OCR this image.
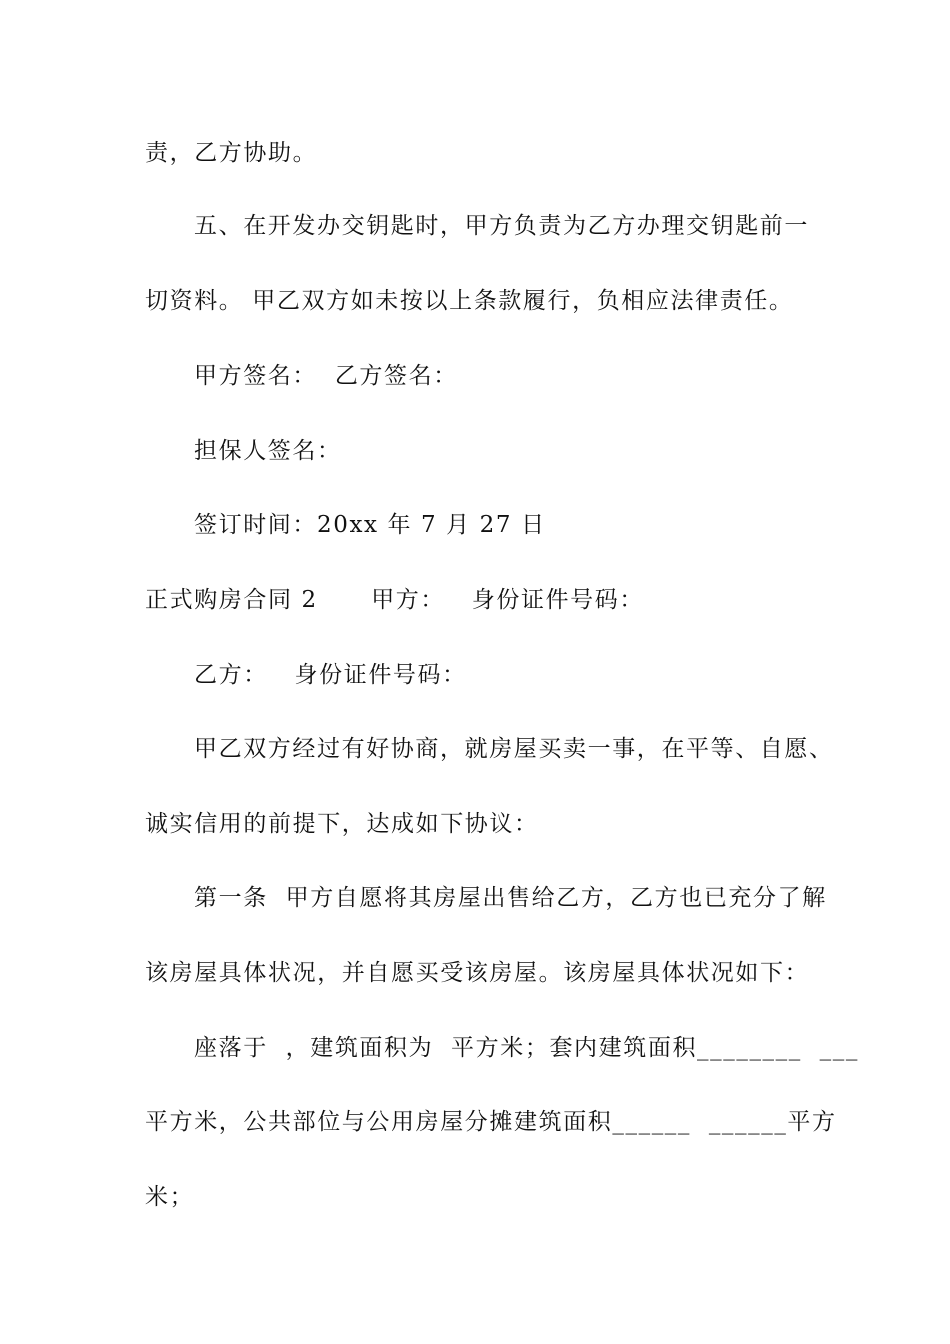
责，乙方协助。
五、在开发办交钥匙时，甲方负责为乙方办理交钥匙前一
切资料。 甲乙双方如未按以上条款履行，负相应法律责任。
甲方签名：  乙方签名：
担保人签名：
签订时间：20xx 年 7 月 27 日
正式购房合同 2      甲方：   身份证件号码：
乙方：   身份证件号码：
甲乙双方经过有好协商，就房屋买卖一事，在平等、自愿、
诚实信用的前提下，达成如下协议：
第一条  甲方自愿将其房屋出售给乙方，乙方也已充分了解
该房屋具体状况，并自愿买受该房屋。该房屋具体状况如下：
座落于  ，建筑面积为  平方米；套内建筑面积________  ___
平方米，公共部位与公用房屋分摊建筑面积______  ______平方
米；
